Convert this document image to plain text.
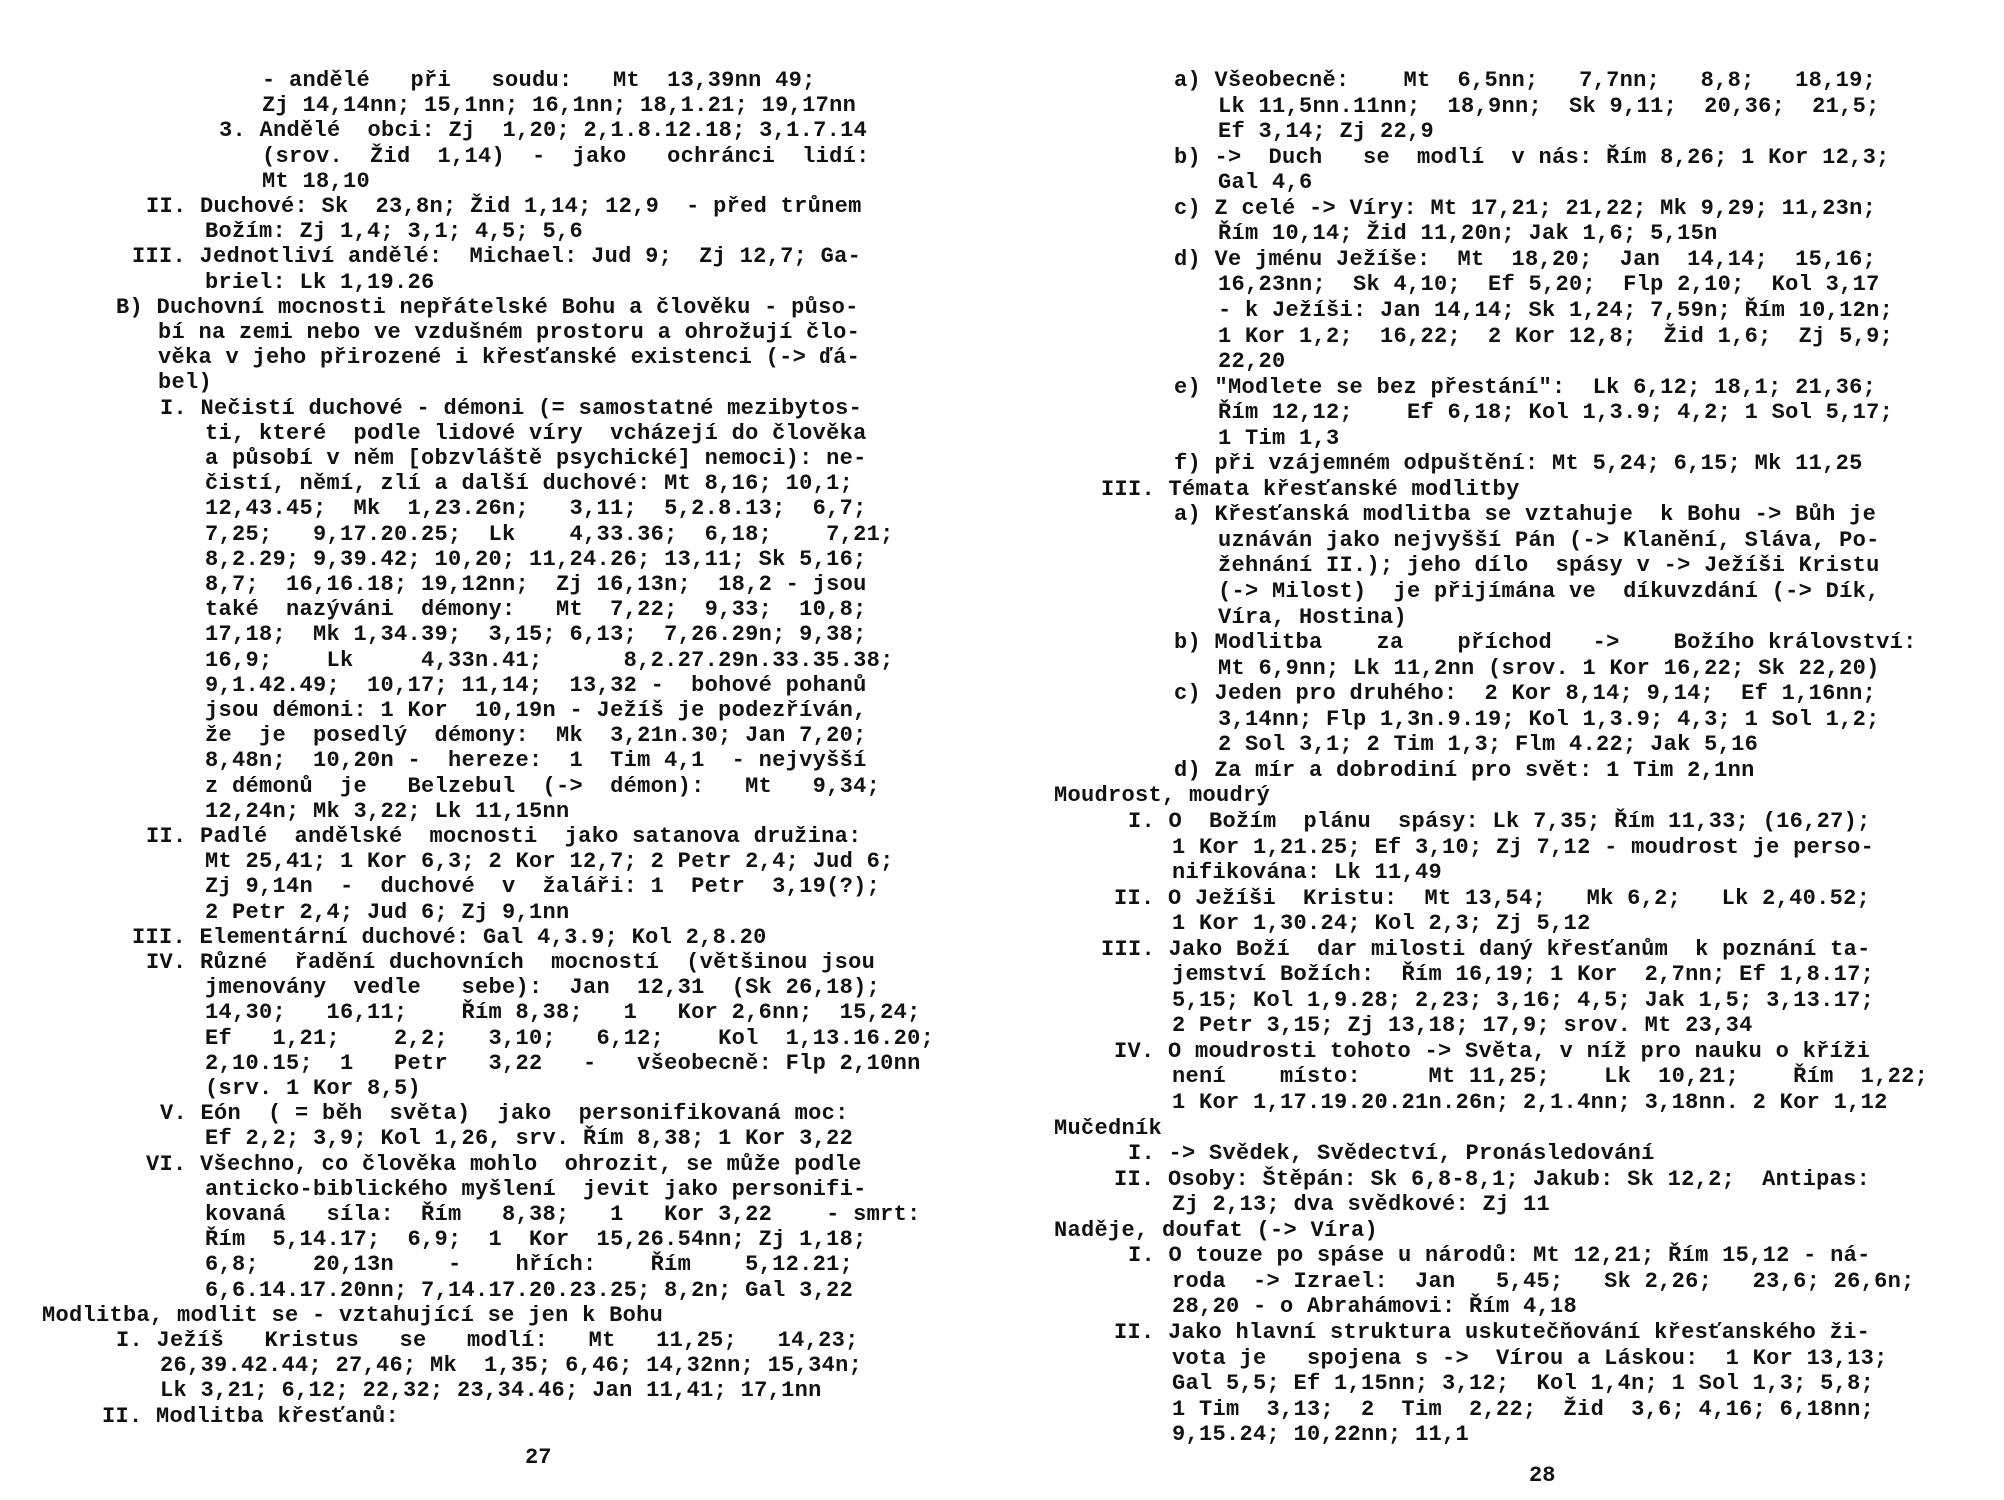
- andělé   při   soudu:   Mt  13,39nn 49;
Zj 14,14nn; 15,1nn; 16,1nn; 18,1.21; 19,17nn
3. Andělé  obci: Zj  1,20; 2,1.8.12.18; 3,1.7.14
(srov.  Žid  1,14)  -  jako   ochránci  lidí:
Mt 18,10
II. Duchové: Sk  23,8n; Žid 1,14; 12,9  - před trůnem
Božím: Zj 1,4; 3,1; 4,5; 5,6
III. Jednotliví andělé:  Michael: Jud 9;  Zj 12,7; Ga-
briel: Lk 1,19.26
B) Duchovní mocnosti nepřátelské Bohu a člověku - půso-
bí na zemi nebo ve vzdušném prostoru a ohrožují člo-
věka v jeho přirozené i křesťanské existenci (-> ďá-
bel)
I. Nečistí duchové - démoni (= samostatné mezibytos-
ti, které  podle lidové víry  vcházejí do člověka
a působí v něm [obzvláště psychické] nemoci): ne-
čistí, němí, zlí a další duchové: Mt 8,16; 10,1;
12,43.45;  Mk  1,23.26n;   3,11;  5,2.8.13;  6,7;
7,25;   9,17.20.25;  Lk    4,33.36;  6,18;    7,21;
8,2.29; 9,39.42; 10,20; 11,24.26; 13,11; Sk 5,16;
8,7;  16,16.18; 19,12nn;  Zj 16,13n;  18,2 - jsou
také  nazýváni  démony:   Mt  7,22;  9,33;  10,8;
17,18;  Mk 1,34.39;  3,15; 6,13;  7,26.29n; 9,38;
16,9;    Lk     4,33n.41;      8,2.27.29n.33.35.38;
9,1.42.49;  10,17; 11,14;  13,32 -  bohové pohanů
jsou démoni: 1 Kor  10,19n - Ježíš je podezříván,
že  je  posedlý  démony:  Mk  3,21n.30; Jan 7,20;
8,48n;  10,20n -  hereze:  1  Tim 4,1  - nejvyšší
z démonů  je   Belzebul  (->  démon):   Mt   9,34;
12,24n; Mk 3,22; Lk 11,15nn
II. Padlé  andělské  mocnosti  jako satanova družina:
Mt 25,41; 1 Kor 6,3; 2 Kor 12,7; 2 Petr 2,4; Jud 6;
Zj 9,14n  -  duchové  v  žaláři: 1  Petr  3,19(?);
2 Petr 2,4; Jud 6; Zj 9,1nn
III. Elementární duchové: Gal 4,3.9; Kol 2,8.20
IV. Různé  řadění duchovních  mocností  (většinou jsou
jmenovány  vedle   sebe):  Jan  12,31  (Sk 26,18);
14,30;   16,11;    Řím 8,38;   1   Kor 2,6nn;  15,24;
Ef   1,21;    2,2;   3,10;   6,12;    Kol  1,13.16.20;
2,10.15;  1   Petr   3,22   -   všeobecně: Flp 2,10nn
(srv. 1 Kor 8,5)
V. Eón  ( = běh  světa)  jako  personifikovaná moc:
Ef 2,2; 3,9; Kol 1,26, srv. Řím 8,38; 1 Kor 3,22
VI. Všechno, co člověka mohlo  ohrozit, se může podle
anticko-biblického myšlení  jevit jako personifi-
kovaná   síla:  Řím   8,38;   1   Kor 3,22    - smrt:
Řím  5,14.17;  6,9;  1  Kor  15,26.54nn; Zj 1,18;
6,8;    20,13n    -    hřích:    Řím    5,12.21;
6,6.14.17.20nn; 7,14.17.20.23.25; 8,2n; Gal 3,22
Modlitba, modlit se - vztahující se jen k Bohu
I. Ježíš   Kristus   se   modlí:   Mt   11,25;   14,23;
26,39.42.44; 27,46; Mk  1,35; 6,46; 14,32nn; 15,34n;
Lk 3,21; 6,12; 22,32; 23,34.46; Jan 11,41; 17,1nn
II. Modlitba křesťanů:
27
a) Všeobecně:    Mt  6,5nn;   7,7nn;   8,8;   18,19;
Lk 11,5nn.11nn;  18,9nn;  Sk 9,11;  20,36;  21,5;
Ef 3,14; Zj 22,9
b) ->  Duch   se  modlí  v nás: Řím 8,26; 1 Kor 12,3;
Gal 4,6
c) Z celé -> Víry: Mt 17,21; 21,22; Mk 9,29; 11,23n;
Řím 10,14; Žid 11,20n; Jak 1,6; 5,15n
d) Ve jménu Ježíše:  Mt  18,20;  Jan  14,14;  15,16;
16,23nn;  Sk 4,10;  Ef 5,20;  Flp 2,10;  Kol 3,17
- k Ježíši: Jan 14,14; Sk 1,24; 7,59n; Řím 10,12n;
1 Kor 1,2;  16,22;  2 Kor 12,8;  Žid 1,6;  Zj 5,9;
22,20
e) "Modlete se bez přestání":  Lk 6,12; 18,1; 21,36;
Řím 12,12;    Ef 6,18; Kol 1,3.9; 4,2; 1 Sol 5,17;
1 Tim 1,3
f) při vzájemném odpuštění: Mt 5,24; 6,15; Mk 11,25
III. Témata křesťanské modlitby
a) Křesťanská modlitba se vztahuje  k Bohu -> Bůh je
uznáván jako nejvyšší Pán (-> Klanění, Sláva, Po-
žehnání II.); jeho dílo  spásy v -> Ježíši Kristu
(-> Milost)  je přijímána ve  díkuvzdání (-> Dík,
Víra, Hostina)
b) Modlitba    za    příchod   ->    Božího království:
Mt 6,9nn; Lk 11,2nn (srov. 1 Kor 16,22; Sk 22,20)
c) Jeden pro druhého:  2 Kor 8,14; 9,14;  Ef 1,16nn;
3,14nn; Flp 1,3n.9.19; Kol 1,3.9; 4,3; 1 Sol 1,2;
2 Sol 3,1; 2 Tim 1,3; Flm 4.22; Jak 5,16
d) Za mír a dobrodiní pro svět: 1 Tim 2,1nn
Moudrost, moudrý
I. O  Božím  plánu  spásy: Lk 7,35; Řím 11,33; (16,27);
1 Kor 1,21.25; Ef 3,10; Zj 7,12 - moudrost je perso-
nifikována: Lk 11,49
II. O Ježíši  Kristu:  Mt 13,54;   Mk 6,2;   Lk 2,40.52;
1 Kor 1,30.24; Kol 2,3; Zj 5,12
III. Jako Boží  dar milosti daný křesťanům  k poznání ta-
jemství Božích:  Řím 16,19; 1 Kor  2,7nn; Ef 1,8.17;
5,15; Kol 1,9.28; 2,23; 3,16; 4,5; Jak 1,5; 3,13.17;
2 Petr 3,15; Zj 13,18; 17,9; srov. Mt 23,34
IV. O moudrosti tohoto -> Světa, v níž pro nauku o kříži
není    místo:     Mt 11,25;    Lk  10,21;    Řím  1,22;
1 Kor 1,17.19.20.21n.26n; 2,1.4nn; 3,18nn. 2 Kor 1,12
Mučedník
I. -> Svědek, Svědectví, Pronásledování
II. Osoby: Štěpán: Sk 6,8-8,1; Jakub: Sk 12,2;  Antipas:
Zj 2,13; dva svědkové: Zj 11
Naděje, doufat (-> Víra)
I. O touze po spáse u národů: Mt 12,21; Řím 15,12 - ná-
roda  -> Izrael:  Jan   5,45;   Sk 2,26;   23,6; 26,6n;
28,20 - o Abrahámovi: Řím 4,18
II. Jako hlavní struktura uskutečňování křesťanského ži-
vota je   spojena s ->  Vírou a Láskou:  1 Kor 13,13;
Gal 5,5; Ef 1,15nn; 3,12;  Kol 1,4n; 1 Sol 1,3; 5,8;
1 Tim  3,13;  2  Tim  2,22;  Žid  3,6; 4,16; 6,18nn;
9,15.24; 10,22nn; 11,1
28
